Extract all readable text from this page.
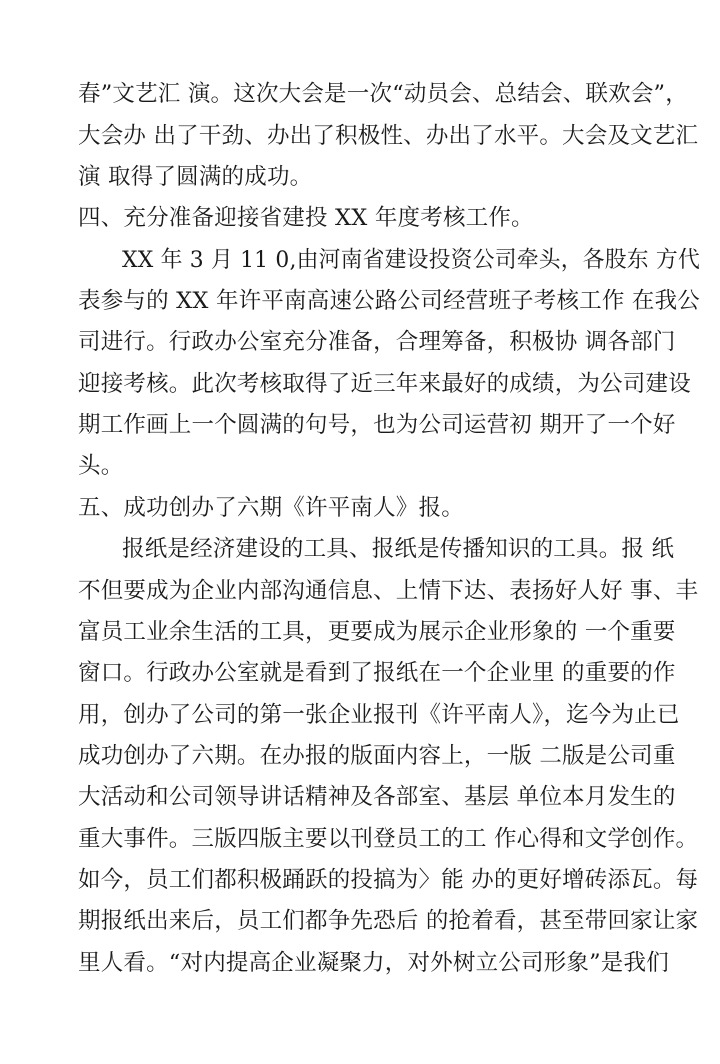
春”文艺汇 演。这次大会是一次“动员会、总结会、联欢会”，
大会办 出了干劲、办出了积极性、办出了水平。大会及文艺汇
演 取得了圆满的成功。
四、充分准备迎接省建投 XX 年度考核工作。
XX 年 3 月 11 0,由河南省建设投资公司牵头，各股东 方代
表参与的 XX 年许平南高速公路公司经营班子考核工作 在我公
司进行。行政办公室充分准备，合理筹备，积极协 调各部门
迎接考核。此次考核取得了近三年来最好的成绩，为公司建设
期工作画上一个圆满的句号，也为公司运营初 期开了一个好
头。
五、成功创办了六期《许平南人》报。
报纸是经济建设的工具、报纸是传播知识的工具。报 纸
不但要成为企业内部沟通信息、上情下达、表扬好人好 事、丰
富员工业余生活的工具，更要成为展示企业形象的 一个重要
窗口。行政办公室就是看到了报纸在一个企业里 的重要的作
用，创办了公司的第一张企业报刊《许平南人》，迄今为止已
成功创办了六期。在办报的版面内容上，一版 二版是公司重
大活动和公司领导讲话精神及各部室、基层 单位本月发生的
重大事件。三版四版主要以刊登员工的工 作心得和文学创作。
如今，员工们都积极踊跃的投搞为〉能 办的更好增砖添瓦。每
期报纸出来后，员工们都争先恐后 的抢着看，甚至带回家让家
里人看。“对内提高企业凝聚力，对外树立公司形象”是我们
